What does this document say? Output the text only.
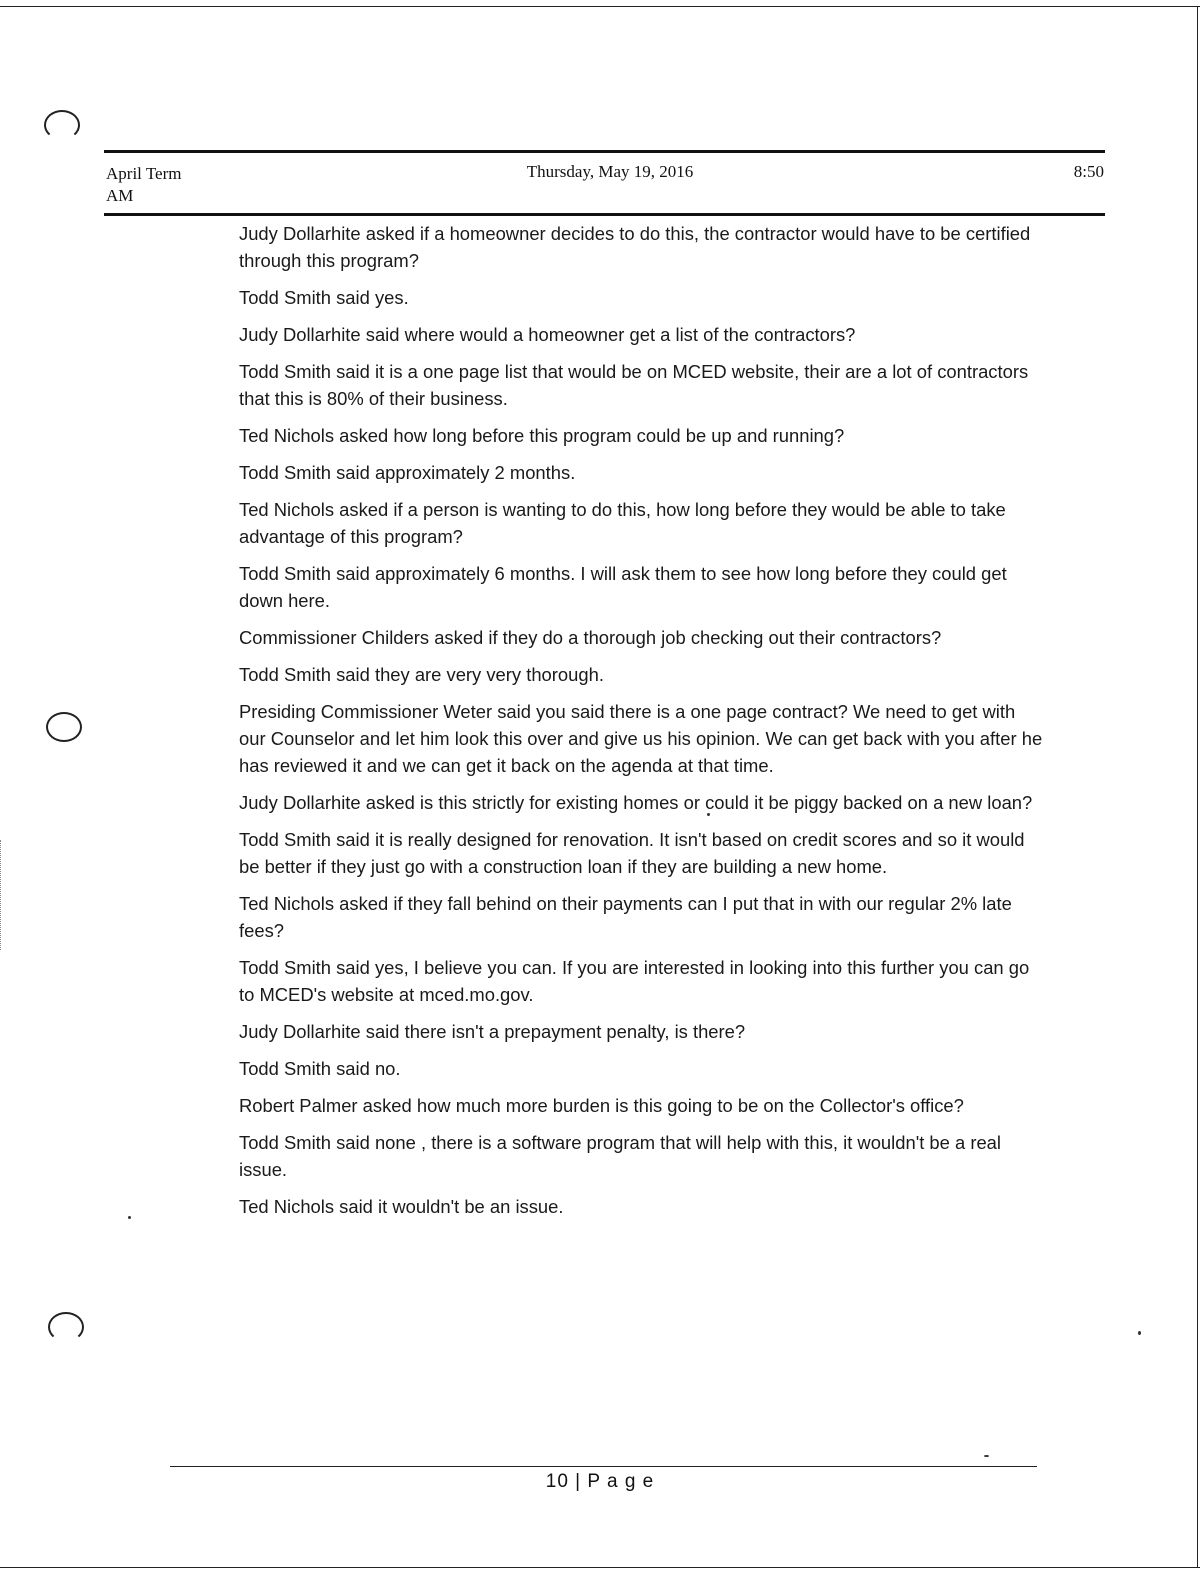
April Term
AM
Thursday, May 19, 2016	8:50

Judy Dollarhite asked if a homeowner decides to do this, the contractor would have to be certified through this program?

Todd Smith said yes.

Judy Dollarhite said where would a homeowner get a list of the contractors?

Todd Smith said it is a one page list that would be on MCED website, their are a lot of contractors that this is 80% of their business.

Ted Nichols asked how long before this program could be up and running?

Todd Smith said approximately 2 months.

Ted Nichols asked if a person is wanting to do this, how long before they would be able to take advantage of this program?

Todd Smith said approximately 6 months. I will ask them to see how long before they could get down here.

Commissioner Childers asked if they do a thorough job checking out their contractors?

Todd Smith said they are very very thorough.

Presiding Commissioner Weter said you said there is a one page contract? We need to get with our Counselor and let him look this over and give us his opinion. We can get back with you after he has reviewed it and we can get it back on the agenda at that time.

Judy Dollarhite asked is this strictly for existing homes or could it be piggy backed on a new loan?

Todd Smith said it is really designed for renovation. It isn't based on credit scores and so it would be better if they just go with a construction loan if they are building a new home.

Ted Nichols asked if they fall behind on their payments can I put that in with our regular 2% late fees?

Todd Smith said yes, I believe you can. If you are interested in looking into this further you can go to MCED's website at mced.mo.gov.

Judy Dollarhite said there isn't a prepayment penalty, is there?

Todd Smith said no.

Robert Palmer asked how much more burden is this going to be on the Collector's office?

Todd Smith said none , there is a software program that will help with this, it wouldn't be a real issue.

Ted Nichols said it wouldn't be an issue.

10 | P a g e
